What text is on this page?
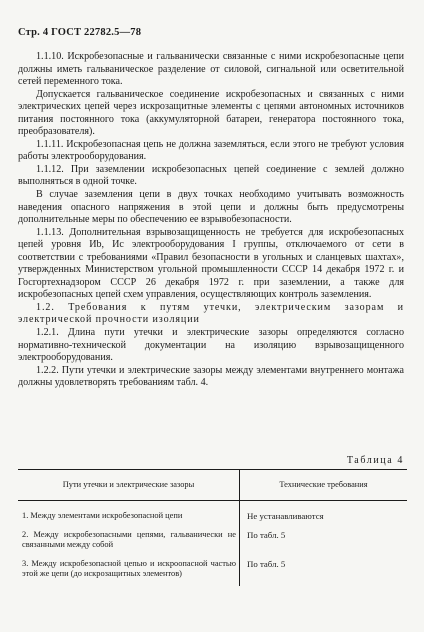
Стр. 4 ГОСТ 22782.5—78

1.1.10. Искробезопасные и гальванически связанные с ними искробезопасные цепи должны иметь гальваническое разделение от силовой, сигнальной или осветительной сетей переменного тока.

Допускается гальваническое соединение искробезопасных и связанных с ними электрических цепей через искрозащитные элементы с цепями автономных источников питания постоянного тока (аккумуляторной батареи, генератора постоянного тока, преобразователя).

1.1.11. Искробезопасная цепь не должна заземляться, если этого не требуют условия работы электрооборудования.

1.1.12. При заземлении искробезопасных цепей соединение с землей должно выполняться в одной точке.

В случае заземления цепи в двух точках необходимо учитывать возможность наведения опасного напряжения в этой цепи и должны быть предусмотрены дополнительные меры по обеспечению ее взрывобезопасности.

1.1.13. Дополнительная взрывозащищенность не требуется для искробезопасных цепей уровня Иb, Ис электрооборудования I группы, отключаемого от сети в соответствии с требованиями «Правил безопасности в угольных и сланцевых шахтах», утвержденных Министерством угольной промышленности СССР 14 декабря 1972 г. и Госгортехнадзором СССР 26 декабря 1972 г. при заземлении, а также для искробезопасных цепей схем управления, осуществляющих контроль заземления.

1.2. Требования к путям утечки, электрическим зазорам и электрической прочности изоляции

1.2.1. Длина пути утечки и электрические зазоры определяются согласно нормативно-технической документации на изоляцию взрывозащищенного электрооборудования.

1.2.2. Пути утечки и электрические зазоры между элементами внутреннего монтажа должны удовлетворять требованиям табл. 4.

Таблица 4
Пути утечки и электрические зазоры	Технические требования
1. Между элементами искробезопасной цепи	Не устанавливаются
2. Между искробезопасными цепями, гальванически не связанными между собой	По табл. 5
3. Между искробезопасной цепью и искроопасной частью этой же цепи (до искрозащитных элементов)	По табл. 5
